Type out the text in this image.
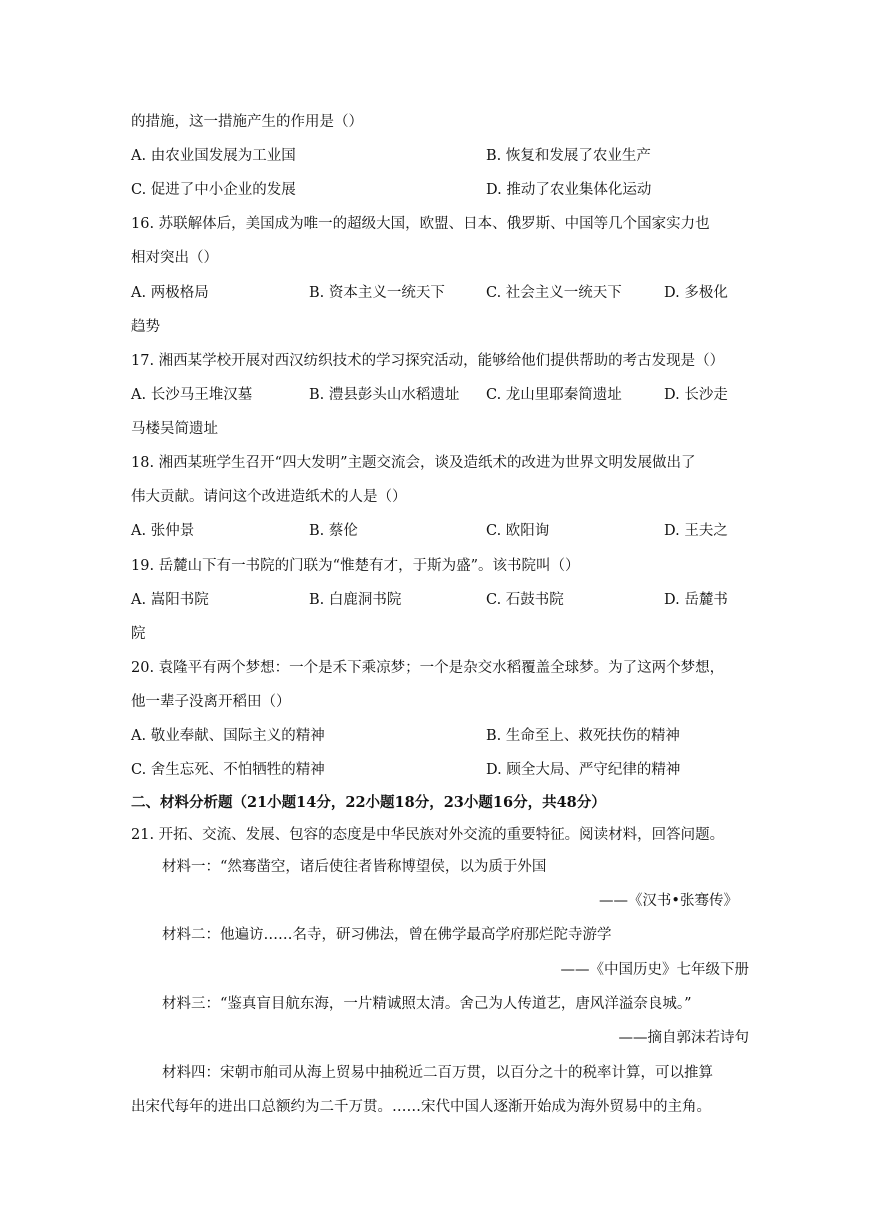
的措施，这一措施产生的作用是（）
A. 由农业国发展为工业国	B. 恢复和发展了农业生产
C. 促进了中小企业的发展	D. 推动了农业集体化运动
16. 苏联解体后，美国成为唯一的超级大国，欧盟、日本、俄罗斯、中国等几个国家实力也
相对突出（）
A. 两极格局	B. 资本主义一统天下	C. 社会主义一统天下	D. 多极化
趋势
17. 湘西某学校开展对西汉纺织技术的学习探究活动，能够给他们提供帮助的考古发现是（）
A. 长沙马王堆汉墓	B. 澧县彭头山水稻遗址 C. 龙山里耶秦简遗址	D. 长沙走
马楼吴简遗址
18. 湘西某班学生召开“四大发明”主题交流会，谈及造纸术的改进为世界文明发展做出了
伟大贡献。请问这个改进造纸术的人是（）
A. 张仲景	B. 蔡伦	C. 欧阳询	D. 王夫之
19. 岳麓山下有一书院的门联为“惟楚有才，于斯为盛”。该书院叫（）
A. 嵩阳书院	B. 白鹿洞书院	C. 石鼓书院	D. 岳麓书
院
20. 袁隆平有两个梦想：一个是禾下乘凉梦；一个是杂交水稻覆盖全球梦。为了这两个梦想，
他一辈子没离开稻田（）
A. 敬业奉献、国际主义的精神	B. 生命至上、救死扶伤的精神
C. 舍生忘死、不怕牺牲的精神	D. 顾全大局、严守纪律的精神
二、材料分析题（21小题14分，22小题18分，23小题16分，共48分）
21. 开拓、交流、发展、包容的态度是中华民族对外交流的重要特征。阅读材料，回答问题。
材料一：“然骞凿空，诸后使往者皆称博望侯，以为质于外国
——《汉书•张骞传》
材料二：他遍访……名寺，研习佛法，曾在佛学最高学府那烂陀寺游学
——《中国历史》七年级下册
材料三：“鉴真盲目航东海，一片精诚照太清。舍己为人传道艺，唐风洋溢奈良城。”
——摘自郭沫若诗句
材料四：宋朝市舶司从海上贸易中抽税近二百万贯，以百分之十的税率计算，可以推算
出宋代每年的进出口总额约为二千万贯。……宋代中国人逐渐开始成为海外贸易中的主角。
